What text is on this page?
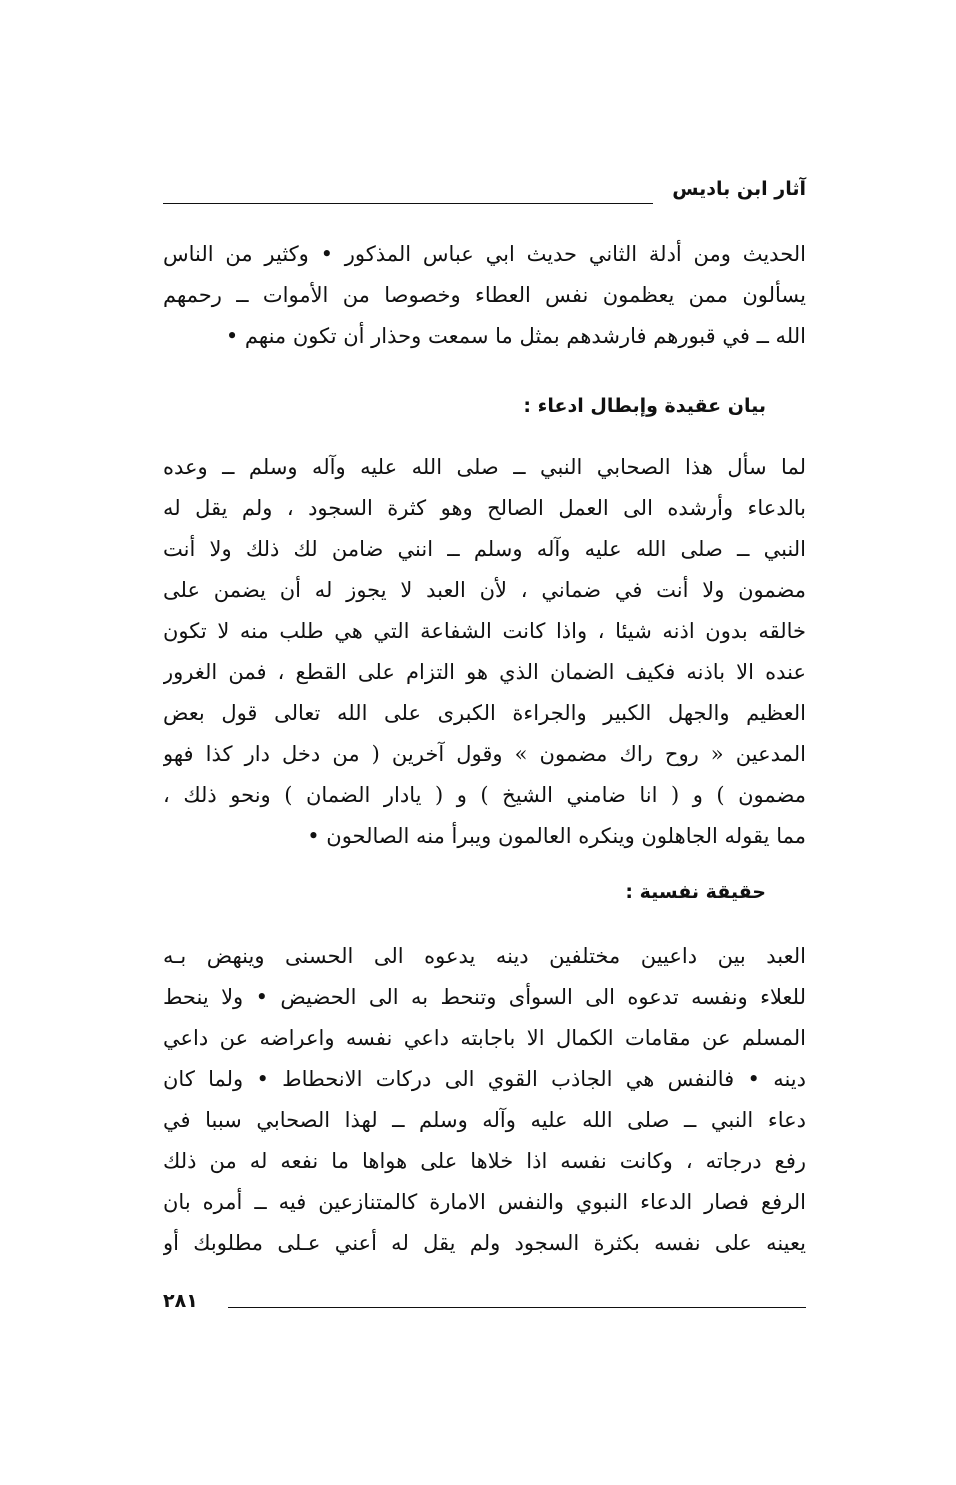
آثار ابن باديس
الحديث ومن أدلة الثاني حديث ابي عباس المذكور • وكثير من الناس
يسألون ممن يعظمون نفس العطاء وخصوصا من الأموات ــ رحمهم
الله ــ في قبورهم فارشدهم بمثل ما سمعت وحذار أن تكون منهم •
بيان عقيدة وإبطال ادعاء :
لما سأل هذا الصحابي النبي ــ صلى الله عليه وآله وسلم ــ وعده
بالدعاء وأرشده الى العمل الصالح وهو كثرة السجود ، ولم يقل له
النبي ــ صلى الله عليه وآله وسلم ــ انني ضامن لك ذلك ولا أنت
مضمون ولا أنت في ضماني ، لأن العبد لا يجوز له أن يضمن على
خالقه بدون اذنه شيئا ، واذا كانت الشفاعة التي هي طلب منه لا تكون
عنده الا باذنه فكيف الضمان الذي هو التزام على القطع ، فمن الغرور
العظيم والجهل الكبير والجراءة الكبرى على الله تعالى قول بعض
المدعين « روح راك مضمون » وقول آخرين ( من دخل دار كذا فهو
مضمون ) و ( انا ضامني الشيخ ) و ( يادار الضمان ) ونحو ذلك ،
مما يقوله الجاهلون وينكره العالمون ويبرأ منه الصالحون •
حقيقة نفسية :
العبد بين داعيين مختلفين دينه يدعوه الى الحسنى وينهض بـه
للعلاء ونفسه تدعوه الى السوأى وتنحط به الى الحضيض • ولا ينحط
المسلم عن مقامات الكمال الا باجابته داعي نفسه واعراضه عن داعي
دينه • فالنفس هي الجاذب القوي الى دركات الانحطاط • ولما كان
دعاء النبي ــ صلى الله عليه وآله وسلم ــ لهذا الصحابي سببا في
رفع درجاته ، وكانت نفسه اذا خلاها على هواها ما نفعه له من ذلك
الرفع فصار الدعاء النبوي والنفس الامارة كالمتنازعين فيه ــ أمره بان
يعينه على نفسه بكثرة السجود ولم يقل له أعني عـلى مطلوبك أو
٢٨١
